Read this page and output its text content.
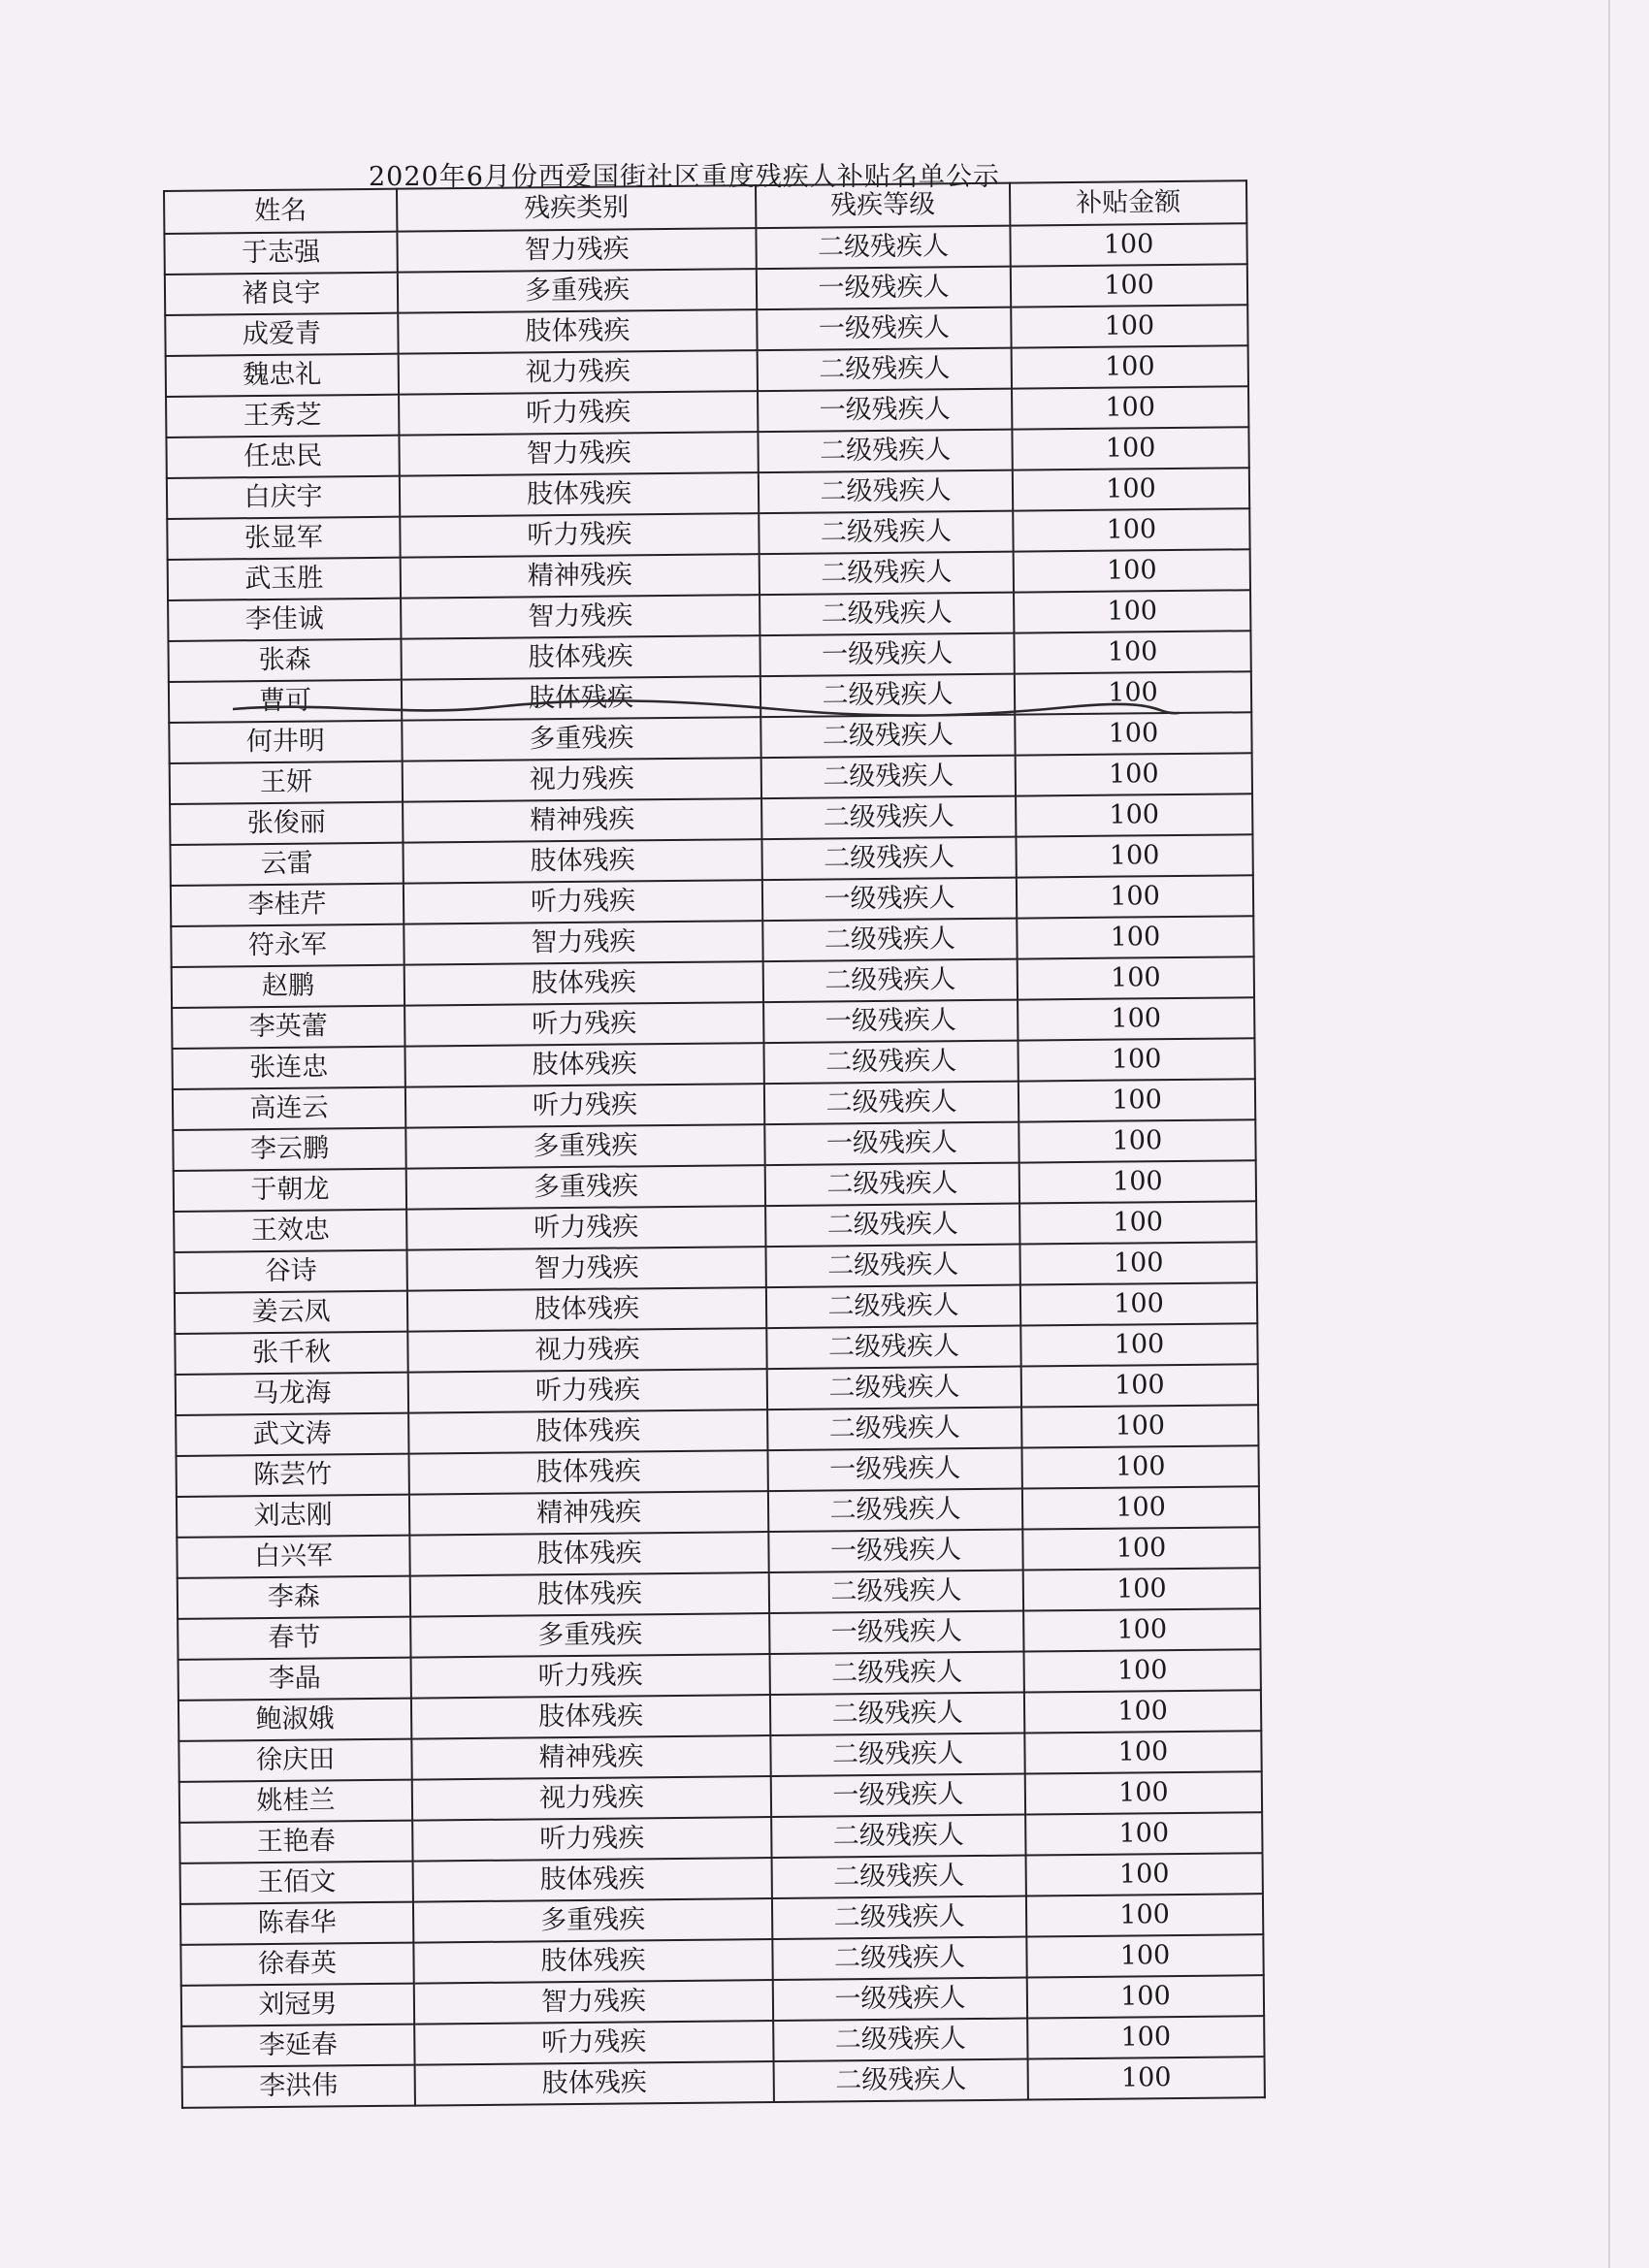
2020年6月份西爱国街社区重度残疾人补贴名单公示
姓名	残疾类别	残疾等级	补贴金额
于志强	智力残疾	二级残疾人	100
褚良宇	多重残疾	一级残疾人	100
成爱青	肢体残疾	一级残疾人	100
魏忠礼	视力残疾	二级残疾人	100
王秀芝	听力残疾	一级残疾人	100
任忠民	智力残疾	二级残疾人	100
白庆宇	肢体残疾	二级残疾人	100
张显军	听力残疾	二级残疾人	100
武玉胜	精神残疾	二级残疾人	100
李佳诚	智力残疾	二级残疾人	100
张森	肢体残疾	一级残疾人	100
曹可	肢体残疾	二级残疾人	100
何井明	多重残疾	二级残疾人	100
王妍	视力残疾	二级残疾人	100
张俊丽	精神残疾	二级残疾人	100
云雷	肢体残疾	二级残疾人	100
李桂芹	听力残疾	一级残疾人	100
符永军	智力残疾	二级残疾人	100
赵鹏	肢体残疾	二级残疾人	100
李英蕾	听力残疾	一级残疾人	100
张连忠	肢体残疾	二级残疾人	100
高连云	听力残疾	二级残疾人	100
李云鹏	多重残疾	一级残疾人	100
于朝龙	多重残疾	二级残疾人	100
王效忠	听力残疾	二级残疾人	100
谷诗	智力残疾	二级残疾人	100
姜云凤	肢体残疾	二级残疾人	100
张千秋	视力残疾	二级残疾人	100
马龙海	听力残疾	二级残疾人	100
武文涛	肢体残疾	二级残疾人	100
陈芸竹	肢体残疾	一级残疾人	100
刘志刚	精神残疾	二级残疾人	100
白兴军	肢体残疾	一级残疾人	100
李森	肢体残疾	二级残疾人	100
春节	多重残疾	一级残疾人	100
李晶	听力残疾	二级残疾人	100
鲍淑娥	肢体残疾	二级残疾人	100
徐庆田	精神残疾	二级残疾人	100
姚桂兰	视力残疾	一级残疾人	100
王艳春	听力残疾	二级残疾人	100
王佰文	肢体残疾	二级残疾人	100
陈春华	多重残疾	二级残疾人	100
徐春英	肢体残疾	二级残疾人	100
刘冠男	智力残疾	一级残疾人	100
李延春	听力残疾	二级残疾人	100
李洪伟	肢体残疾	二级残疾人	100
